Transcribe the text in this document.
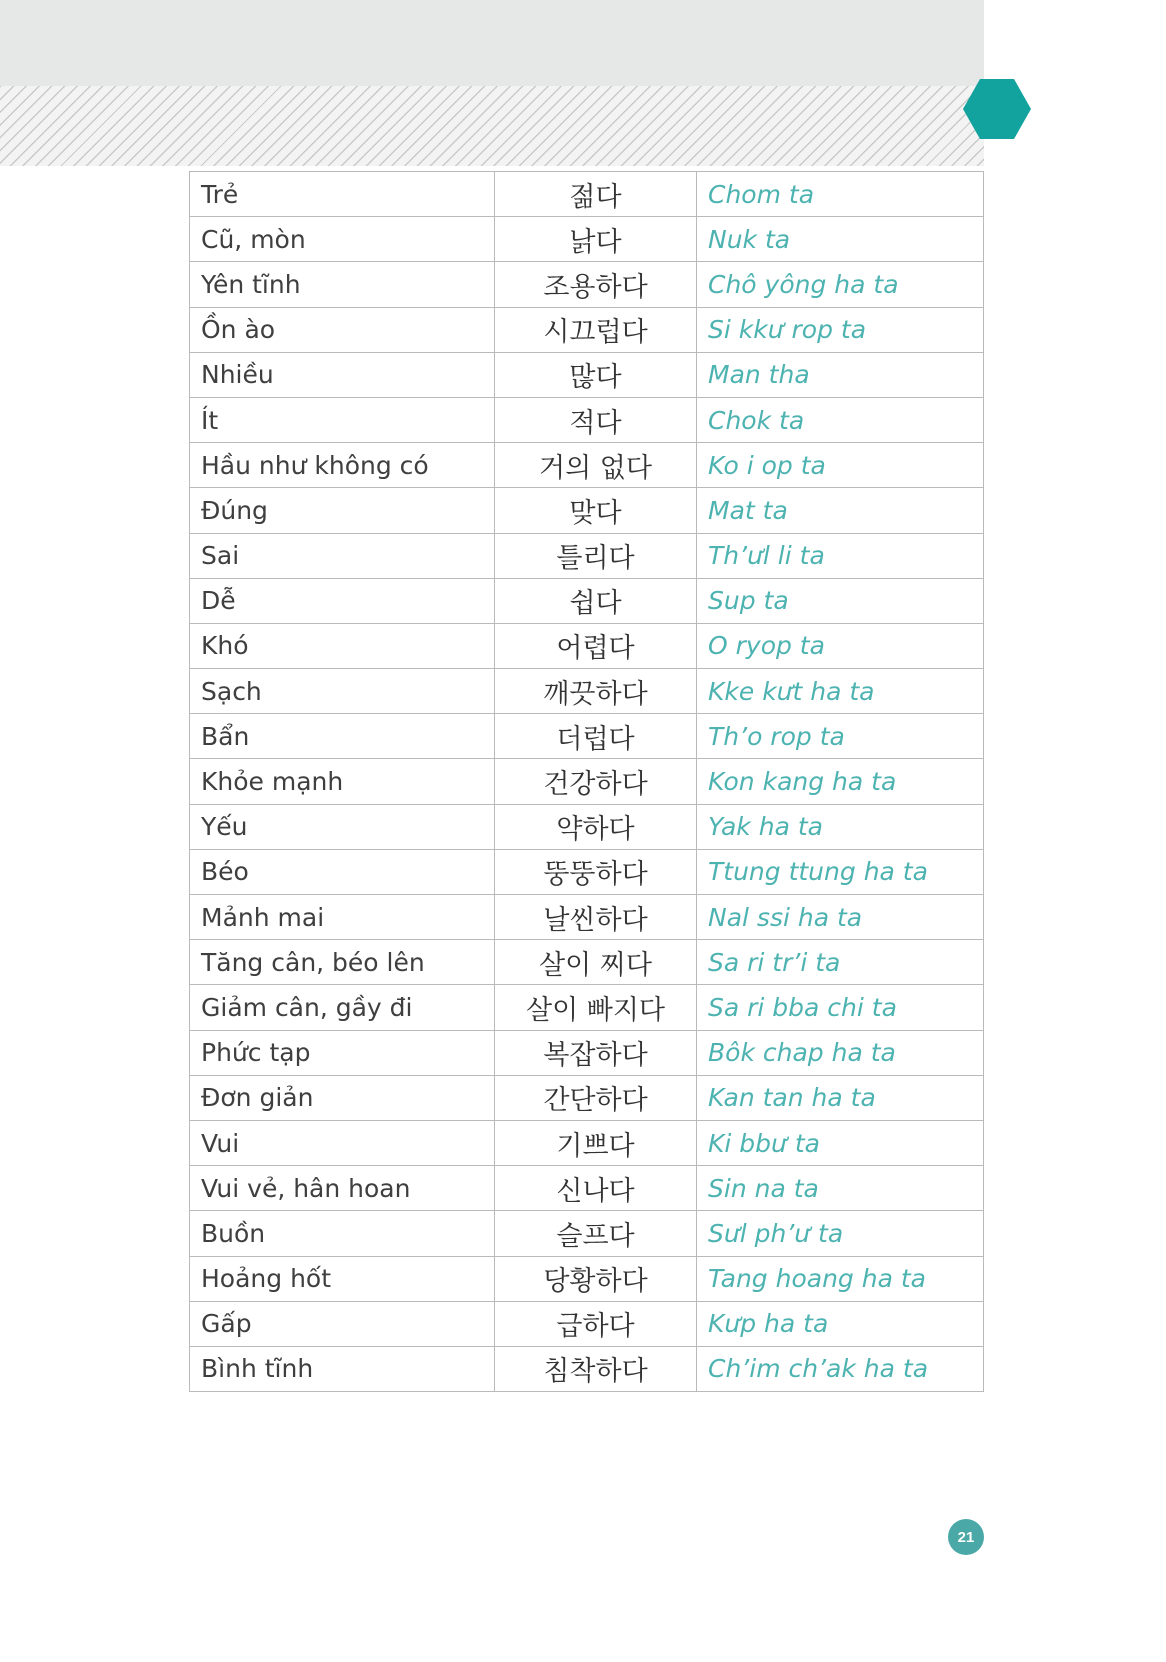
Trẻ	젊다	Chom ta
Cũ, mòn	낡다	Nuk ta
Yên tĩnh	조용하다	Chô yông ha ta
Ồn ào	시끄럽다	Si kkư rop ta
Nhiều	많다	Man tha
Ít	적다	Chok ta
Hầu như không có	거의 없다	Ko i op ta
Đúng	맞다	Mat ta
Sai	틀리다	Th’ưl li ta
Dễ	쉽다	Sup ta
Khó	어렵다	O ryop ta
Sạch	깨끗하다	Kke kưt ha ta
Bẩn	더럽다	Th’o rop ta
Khỏe mạnh	건강하다	Kon kang ha ta
Yếu	약하다	Yak ha ta
Béo	뚱뚱하다	Ttung ttung ha ta
Mảnh mai	날씬하다	Nal ssi ha ta
Tăng cân, béo lên	살이 찌다	Sa ri tr’i ta
Giảm cân, gầy đi	살이 빠지다	Sa ri bba chi ta
Phức tạp	복잡하다	Bôk chap ha ta
Đơn giản	간단하다	Kan tan ha ta
Vui	기쁘다	Ki bbư ta
Vui vẻ, hân hoan	신나다	Sin na ta
Buồn	슬프다	Sưl ph’ư ta
Hoảng hốt	당황하다	Tang hoang ha ta
Gấp	급하다	Kưp ha ta
Bình tĩnh	침착하다	Ch’im ch’ak ha ta
21
